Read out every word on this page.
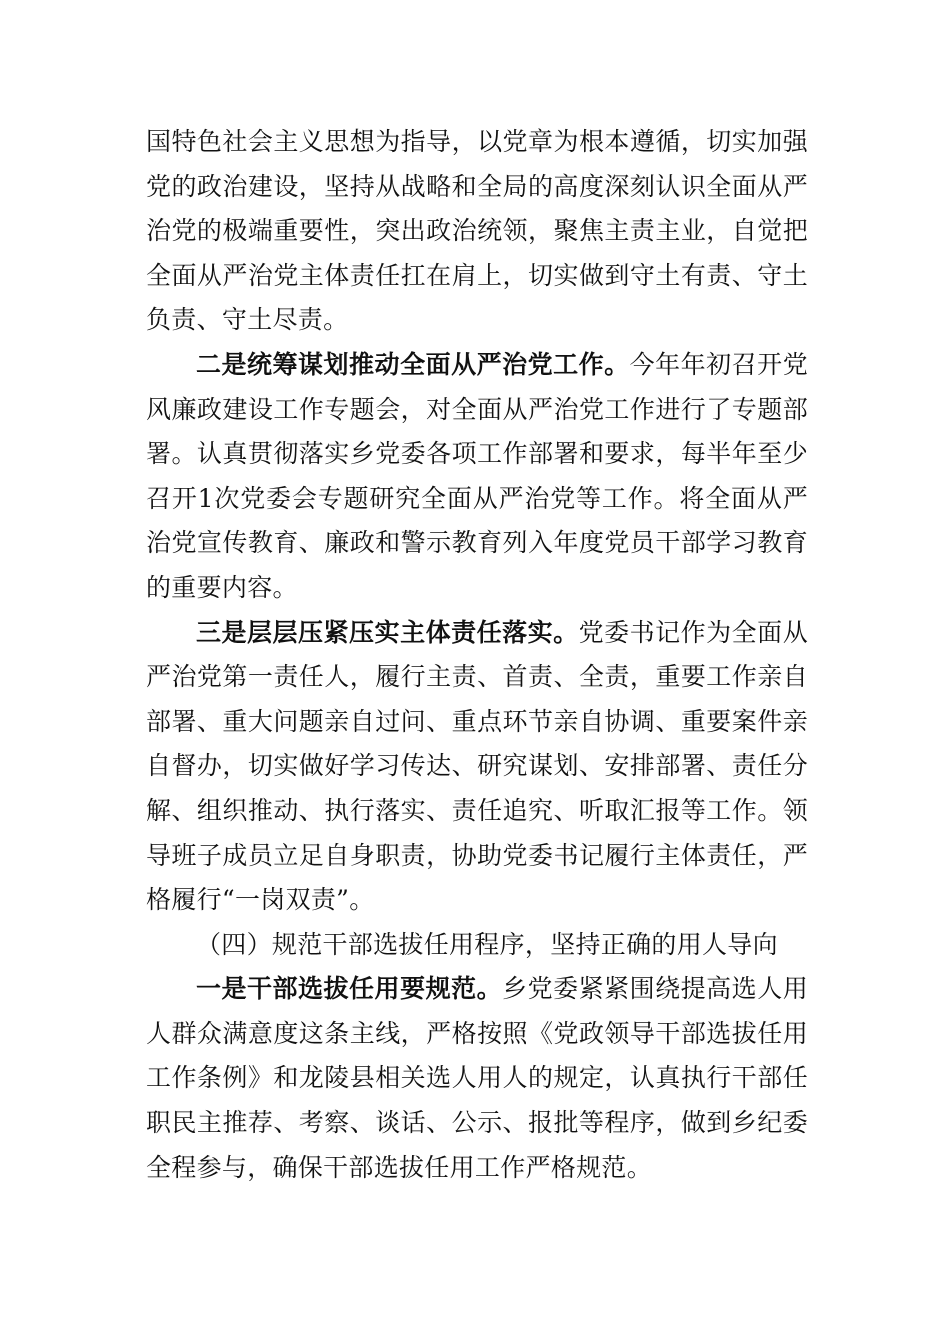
国特色社会主义思想为指导，以党章为根本遵循，切实加强党的政治建设，坚持从战略和全局的高度深刻认识全面从严治党的极端重要性，突出政治统领，聚焦主责主业，自觉把全面从严治党主体责任扛在肩上，切实做到守土有责、守土负责、守土尽责。

二是统筹谋划推动全面从严治党工作。今年年初召开党风廉政建设工作专题会，对全面从严治党工作进行了专题部署。认真贯彻落实乡党委各项工作部署和要求，每半年至少召开1次党委会专题研究全面从严治党等工作。将全面从严治党宣传教育、廉政和警示教育列入年度党员干部学习教育的重要内容。

三是层层压紧压实主体责任落实。党委书记作为全面从严治党第一责任人，履行主责、首责、全责，重要工作亲自部署、重大问题亲自过问、重点环节亲自协调、重要案件亲自督办，切实做好学习传达、研究谋划、安排部署、责任分解、组织推动、执行落实、责任追究、听取汇报等工作。领导班子成员立足自身职责，协助党委书记履行主体责任，严格履行“一岗双责”。

（四）规范干部选拔任用程序，坚持正确的用人导向

一是干部选拔任用要规范。乡党委紧紧围绕提高选人用人群众满意度这条主线，严格按照《党政领导干部选拔任用工作条例》和龙陵县相关选人用人的规定，认真执行干部任职民主推荐、考察、谈话、公示、报批等程序，做到乡纪委全程参与，确保干部选拔任用工作严格规范。
